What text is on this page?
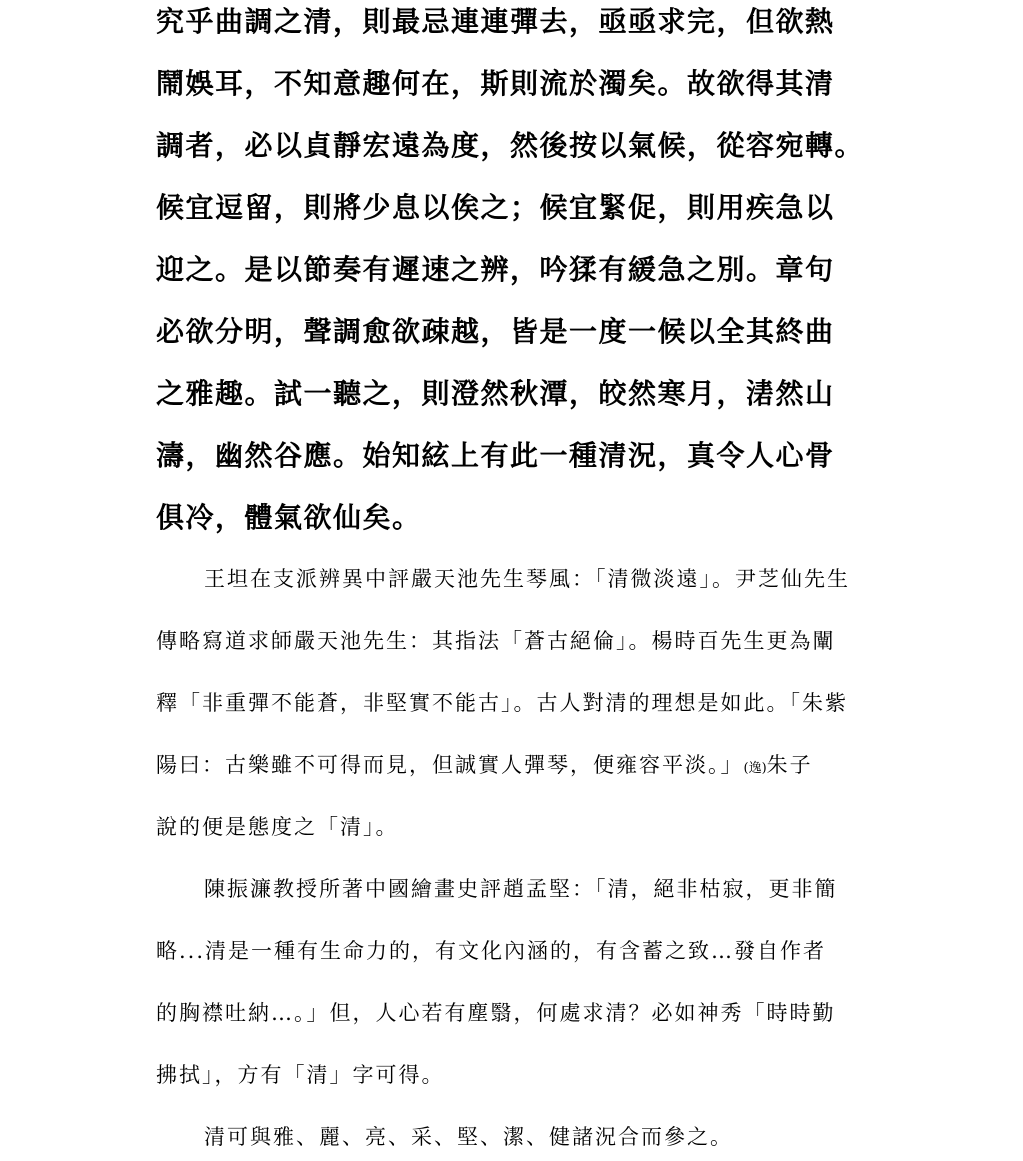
究乎曲調之清，則最忌連連彈去，亟亟求完，但欲熱
鬧娛耳，不知意趣何在，斯則流於濁矣。故欲得其清
調者，必以貞靜宏遠為度，然後按以氣候，從容宛轉。
候宜逗留，則將少息以俟之；候宜緊促，則用疾急以
迎之。是以節奏有遲速之辨，吟猱有緩急之別。章句
必欲分明，聲調愈欲疎越，皆是一度一候以全其終曲
之雅趣。試一聽之，則澄然秋潭，皎然寒月，湱然山
濤，幽然谷應。始知絃上有此一種清況，真令人心骨
俱冷，體氣欲仙矣。
王坦在支派辨異中評嚴天池先生琴風：「清微淡遠」。尹芝仙先生
傳略寫道求師嚴天池先生：其指法「蒼古絕倫」。楊時百先生更為闡
釋「非重彈不能蒼，非堅實不能古」。古人對清的理想是如此。「朱紫
陽曰：古樂雖不可得而見，但誠實人彈琴，便雍容平淡。」(逸)朱子
說的便是態度之「清」。
陳振濂教授所著中國繪畫史評趙孟堅：「清，絕非枯寂，更非簡
略...清是一種有生命力的，有文化內涵的，有含蓄之致…發自作者
的胸襟吐納…。」但，人心若有塵翳，何處求清？必如神秀「時時勤
拂拭」，方有「清」字可得。
清可與雅、麗、亮、采、堅、潔、健諸況合而參之。
